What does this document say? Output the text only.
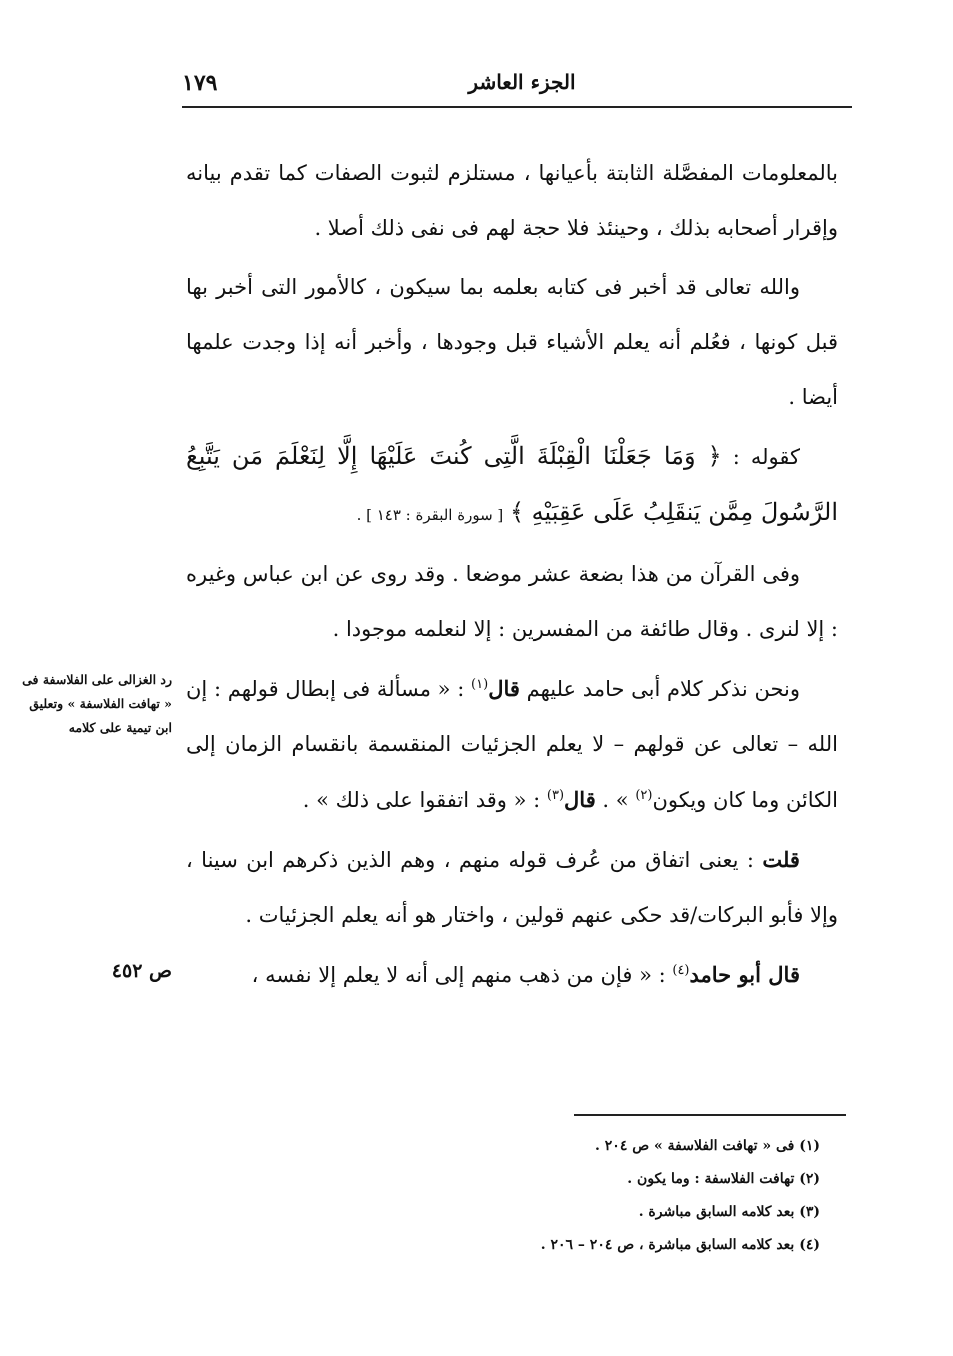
١٧٩	الجزء العاشر

بالمعلومات المفصَّلة الثابتة بأعيانها ، مستلزم لثبوت الصفات كما تقدم بيانه وإقرار أصحابه بذلك ، وحينئذ فلا حجة لهم فى نفى ذلك أصلا .

والله تعالى قد أخبر فى كتابه بعلمه بما سيكون ، كالأمور التى أخبر بها قبل كونها ، فعُلم أنه يعلم الأشياء قبل وجودها ، وأخبر أنه إذا وجدت علمها أيضا .

كقوله : ﴿ وَمَا جَعَلْنَا الْقِبْلَةَ الَّتِى كُنتَ عَلَيْهَا إِلَّا لِنَعْلَمَ مَن يَتَّبِعُ الرَّسُولَ مِمَّن يَنقَلِبُ عَلَى عَقِبَيْهِ ﴾ [ سورة البقرة : ١٤٣ ] .

وفى القرآن من هذا بضعة عشر موضعا . وقد روى عن ابن عباس وغيره : إلا لنرى . وقال طائفة من المفسرين : إلا لنعلمه موجودا .

ونحن نذكر كلام أبى حامد عليهم قال$^{(١)}$ : « مسألة فى إبطال قولهم : إن الله – تعالى عن قولهم – لا يعلم الجزئيات المنقسمة بانقسام الزمان إلى الكائن وما كان ويكون$^{(٢)}$ » . قال$^{(٣)}$ : « وقد اتفقوا على ذلك » .

قلت : يعنى اتفاق من عُرف قوله منهم ، وهم الذين ذكرهم ابن سينا ، وإلا فأبو البركات/قد حكى عنهم قولين ، واختار هو أنه يعلم الجزئيات .

قال أبو حامد$^{(٤)}$ : « فإن من ذهب منهم إلى أنه لا يعلم إلا نفسه ،

رد الغزالى على الفلاسفة فى « تهافت الفلاسفة » وتعليق ابن تيمية على كلامه
ص ٤٥٢
(١) فى « تهافت الفلاسفة » ص ٢٠٤ .
(٢) تهافت الفلاسفة : وما يكون .
(٣) بعد كلامه السابق مباشرة .
(٤) بعد كلامه السابق مباشرة ، ص ٢٠٤ – ٢٠٦ .
